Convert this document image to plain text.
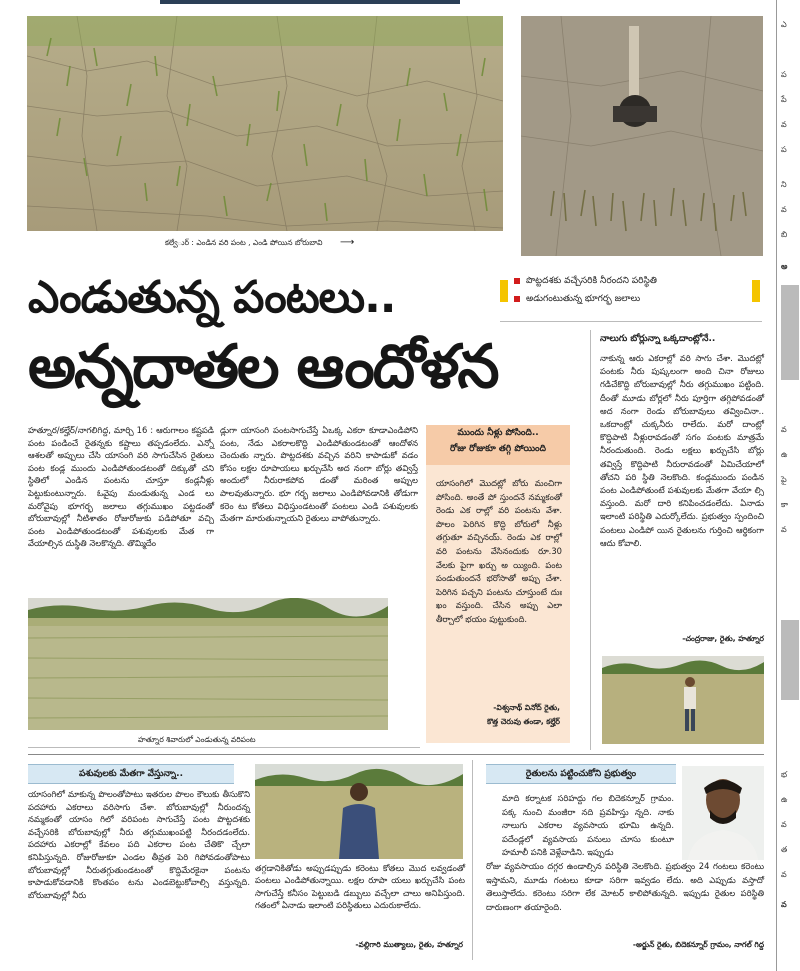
కల్వేర్ు : ఎండిన వరి పంట , ఎండి పోయిన బోరుబావి ⟶
ఎండుతున్న పంటలు..
అన్నదాతల ఆందోళన
పొట్టదశకు వచ్చేసరికి నీరందని పరిస్థితి
అడుగంటుతున్న భూగర్భ జలాలు

హత్నూర/కల్హేర్/నాగలిగిద్ద, మార్చి 16 : ఆరుగాలం కష్టపడి పంట పండించే రైతన్నకు కష్టాలు తప్పడంలేదు. ఎన్నో ఆశలతో అప్పులు చేసి యాసంగి వరి సాగుచేసిన రైతులు పంట కండ్ల ముందు ఎండిపోతుండటంతో దిక్కుతో చని స్థితిలో ఎండిన పంటను చూస్తూ కండ్లనీళ్లు పెట్టుకుంటున్నారు. ఓవైపు మండుతున్న ఎండ లు మరోవైపు భూగర్భ జలాలు తగ్గుముఖం పట్టడంతో బోరుబావుల్లో నీటిశాతం రోజురోజుకు పడిపోతూ వచ్చి పంట ఎండిపోతుండటంతో పశువులకు మేత గా వేయాల్సిన దుస్థితి నెలకొన్నది. తొమ్మిదేం

డ్లుగా యాసంగి పంటసాగుచేస్తే ఏఒక్క ఎకరా కూడాఎండిపోని పంట, నేడు ఎకరాలకొద్ది ఎండిపోతుండటంతో ఆందోళన చెందుతు న్నారు. పొట్టదశకు వచ్చిన వరిని కాపాడుకో వడం కోసం లక్షల రూపాయలు ఖర్చుచేసి అద నంగా బోర్లు తవ్విస్తే అందులో నీరురాకపోవ డంతో మరింత అప్పుల పాలవుతున్నారు. భూ గర్భ జలాలు ఎండిపోవడానికి తోడుగా కరెం టు కోతలు విధిస్తుండటంతో పంటలు ఎండి పశువులకు మేతగా మారుతున్నాయని రైతులు వాపోతున్నారు.

హత్నూర శివారులో ఎండుతున్న వరిపంట
ముందు నీళ్లు పోసింది..
రోజు రోజుకూ తగ్గి పోయింది
యాసంగిలో మొదట్లో బోరు మంచిగా పోసింది. అంతే పో స్తుందనే నమ్మకంతో రెండు ఎక రాల్లో వరి పంటను వేశా. పొలం పెరిగిన కొద్ది బోరులో నీళ్లు తగ్గుతూ వచ్చినయ్. రెండు ఎక రాల్లో వరి పంటను వేసినందుకు రూ.30 వేలకు పైగా ఖర్చు అ య్యింది. పంట పండుతుందనే భరోసాతో అప్పు చేశా. పెరిగిన పచ్చని పంటను చూస్తుంటే దుః ఖం వస్తుంది. చేసిన అప్పు ఎలా తీర్చాలో భయం పుట్టుకుంది.
-విశ్వనాథ్ వినోద్ రైతు,
కొత్త చెరువు తండా, కల్హేర్
నాలుగు బోర్లున్నా ఒక్కదాంట్లోనే..
నాకున్న ఆరు ఎకరాల్లో వరి సాగు చేశా. మొదట్లో పంటకు నీరు పుష్కలంగా అంది చినా రోజులు గడిచేకొద్ది బోరుబావుల్లో నీరు తగ్గుముఖం పట్టింది. దీంతో మూడు బోర్లలో నీరు పూర్తిగా తగ్గిపోవడంతో అద నంగా రెండు బోరుబావులు తవ్వించినా.. ఒకదాంట్లో చుక్కనీరు రాలేదు. మరో దాంట్లో కొద్దిపాటి నీళ్లురావడంతో సగం పంటకు మాత్రమే నీరందుతుంది. రెండు లక్షలు ఖర్చుచేసి బోర్లు తవ్విస్తే కొద్దిపాటి నీరురావడంతో ఏమిచేయాలో తోచని పరి స్థితి నెలకొంది. కండ్లముందు పండిన పంట ఎండిపోతుంటే పశువులకు మేతగా వేయా ల్సి వస్తుంది. మరో దారి కనిపించడంలేదు. ఏనాడు ఇలాంటి పరిస్థితి ఎదుర్కోలేదు. ప్రభుత్వం స్పందించి పంటలు ఎండిపో యిన రైతులను గుర్తించి ఆర్థికంగా ఆదు కోవాలి.
-చంద్రరాజు, రైతు, హత్నూర
పశువులకు మేతగా వేస్తున్నా..
యాసంగిలో మాకున్న పొలంతోపాటు ఇతరుల పొలం కౌలుకు తీసుకొని పదహారు ఎకరాలు వరిసాగు చేశా. బోరుబావుల్లో నీరుందన్న నమ్మకంతో యాసం గిలో వరిపంట సాగుచేస్తే పంట పొట్టదశకు వచ్చేసరికి బోరుబావుల్లో నీరు తగ్గుముఖంపట్టి నీరందడంలేదు. పదహారు ఎకరాల్లో కేవలం పది ఎకరాల పంట చేతికొ చ్చేలా కనిపిస్తున్నది. రోజురోజుకూ ఎండల తీవ్రత పెరి గిపోవడంతోపాటు బోరుబావుల్లో నీరుతగ్గుతుండటంతో కొద్దిమేరకైనా పంటను కాపాడుకోవడానికి కొంతపం టను ఎండబెట్టుకోవాల్సి వస్తున్నది. బోరుబావుల్లో నీరు
తగ్గడానికితోడు అప్పుడప్పుడు కరెంటు కోతలు మొద లవ్వడంతో పంటలు ఎండిపోతున్నాయి. లక్షల రూపా యలు ఖర్చుచేసి పంట సాగుచేస్తే కనీసం పెట్టుబడి డబ్బులు వచ్చేలా చాలు అనిపిస్తుంది. గతంలో ఏనాడు ఇలాంటి పరిస్థితులు ఎదురుకాలేదు.
-వల్లిగారి ముత్యాలు, రైతు, హత్నూర
రైతులను పట్టించుకోని ప్రభుత్వం
మాది కర్నాటక సరిహద్దు గల బిదెకన్నూర్ గ్రామం. పక్క నుంచి మంజీరా నది ప్రవహిస్తు న్నది. నాకు నాలుగు ఎకరాల వ్యవసాయ భూమి ఉన్నది. పదేండ్లలో వ్యవసాయ పనులు చూసు కుంటూ హమాలీ పనికి వెళ్లేవాడిని. ఇప్పుడు
రోజు వ్యవసాయం దగ్గర ఉండాల్సిన పరిస్థితి నెలకొంది. ప్రభుత్వం 24 గంటలు కరెంటు ఇస్తామని, మూడు గంటలు కూడా సరిగా ఇవ్వడం లేదు. అది ఎప్పుడు వస్తాదో తెలుస్తాలేదు. కరెంటు సరిగా లేక మోటర్ కాలిపోతున్నది. ఇప్పుడు రైతుల పరిస్థితి దారుణంగా తయారైంది.
-అర్జున్ రైతు, బిదెకన్నూర్ గ్రామం, నాగల్ గిద్ద
ఎ
ప
పే
వ
ప
ని
వ
బి
అ
వ
ఉ
పై
కా
వ
భ
ఉ
వ
త
వ
వ
